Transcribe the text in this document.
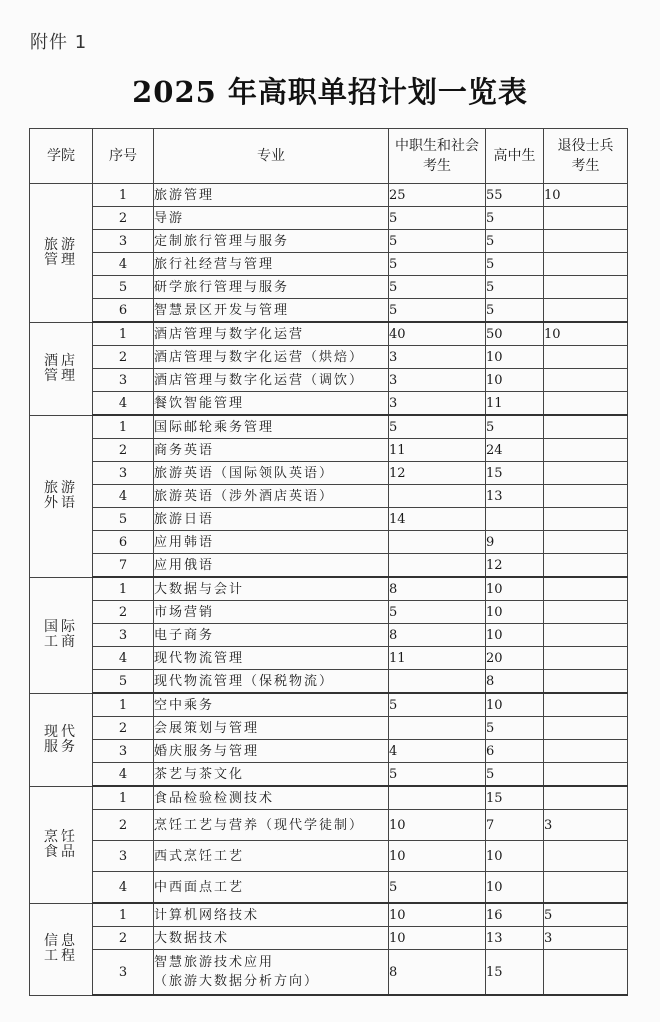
附件 1
2025 年高职单招计划一览表
学院	序号	专业	中职生和社会考生	高中生	退役士兵考生

旅游
管理	1	旅游管理	25	55	10
	2	导游	5	5	
	3	定制旅行管理与服务	5	5	
	4	旅行社经营与管理	5	5	
	5	研学旅行管理与服务	5	5	
	6	智慧景区开发与管理	5	5	

酒店
管理	1	酒店管理与数字化运营	40	50	10
	2	酒店管理与数字化运营（烘焙）	3	10	
	3	酒店管理与数字化运营（调饮）	3	10	
	4	餐饮智能管理	3	11	

旅游
外语	1	国际邮轮乘务管理	5	5	
	2	商务英语	11	24	
	3	旅游英语（国际领队英语）	12	15	
	4	旅游英语（涉外酒店英语）		13	
	5	旅游日语	14		
	6	应用韩语		9	
	7	应用俄语		12	

国际
工商	1	大数据与会计	8	10	
	2	市场营销	5	10	
	3	电子商务	8	10	
	4	现代物流管理	11	20	
	5	现代物流管理（保税物流）		8	

现代
服务	1	空中乘务	5	10	
	2	会展策划与管理		5	
	3	婚庆服务与管理	4	6	
	4	茶艺与茶文化	5	5	

烹饪
食品	1	食品检验检测技术		15	
	2	烹饪工艺与营养（现代学徒制）	10	7	3
	3	西式烹饪工艺	10	10	
	4	中西面点工艺	5	10	

信息
工程	1	计算机网络技术	10	16	5
	2	大数据技术	10	13	3
	3	智慧旅游技术应用
（旅游大数据分析方向）	8	15	
